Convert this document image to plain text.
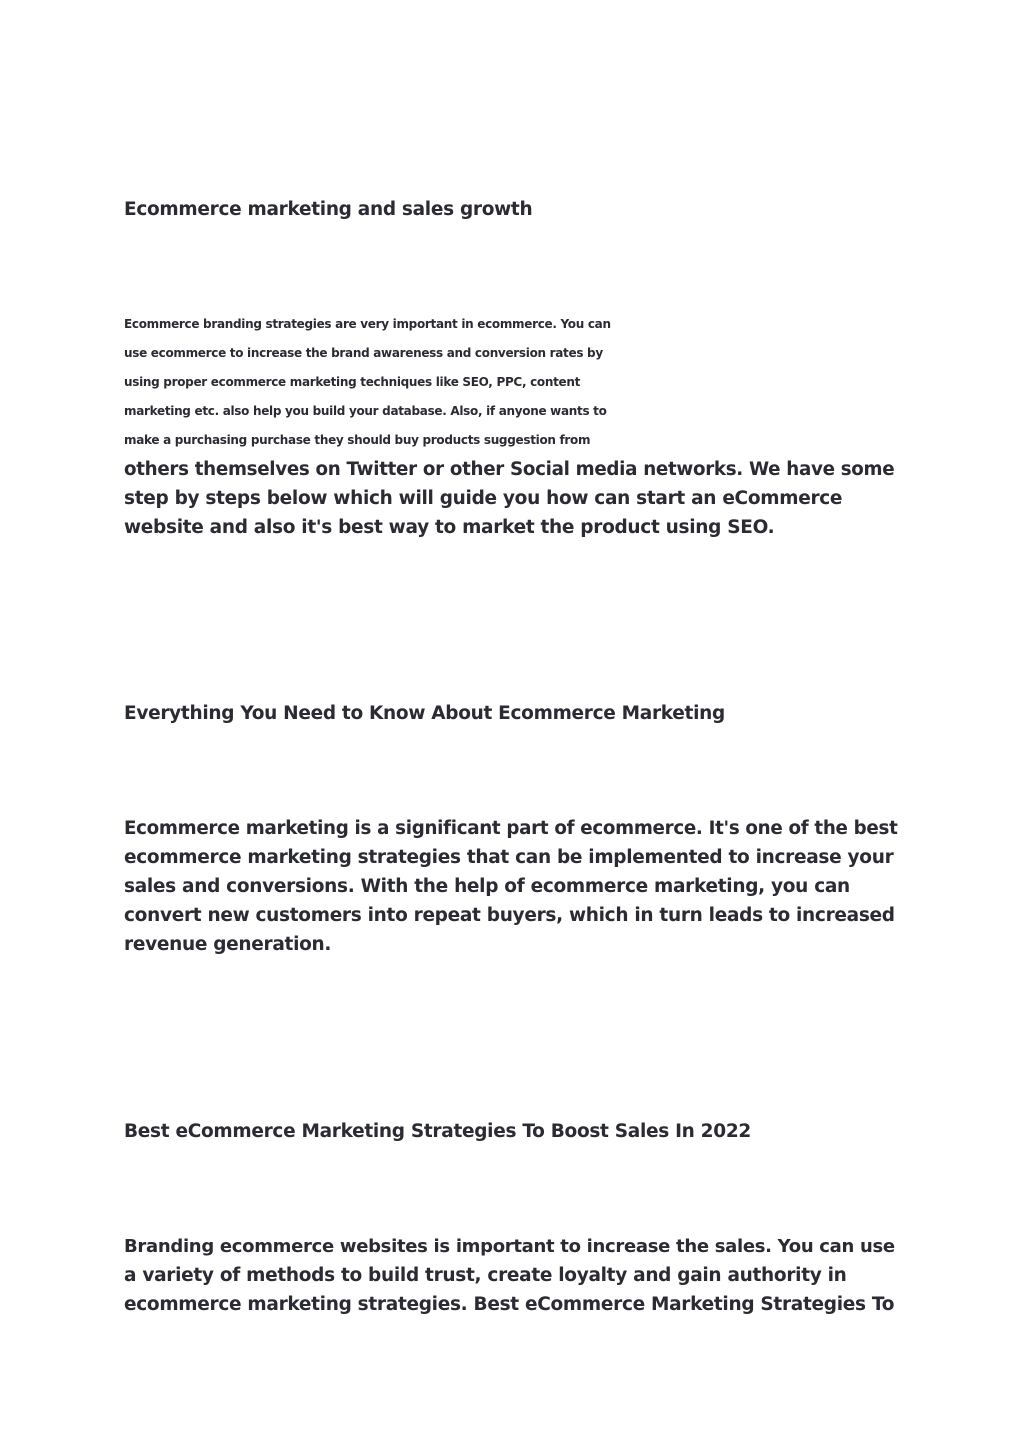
Ecommerce marketing and sales growth
Ecommerce branding strategies are very important in ecommerce. You can
use ecommerce to increase the brand awareness and conversion rates by
using proper ecommerce marketing techniques like SEO, PPC, content
marketing etc. also help you build your database. Also, if anyone wants to
make a purchasing purchase they should buy products suggestion from
others themselves on Twitter or other Social media networks. We have some
step by steps below which will guide you how can start an eCommerce
website and also it's best way to market the product using SEO.
Everything You Need to Know About Ecommerce Marketing
Ecommerce marketing is a significant part of ecommerce. It's one of the best
ecommerce marketing strategies that can be implemented to increase your
sales and conversions. With the help of ecommerce marketing, you can
convert new customers into repeat buyers, which in turn leads to increased
revenue generation.
Best eCommerce Marketing Strategies To Boost Sales In 2022
Branding ecommerce websites is important to increase the sales. You can use
a variety of methods to build trust, create loyalty and gain authority in
ecommerce marketing strategies. Best eCommerce Marketing Strategies To
